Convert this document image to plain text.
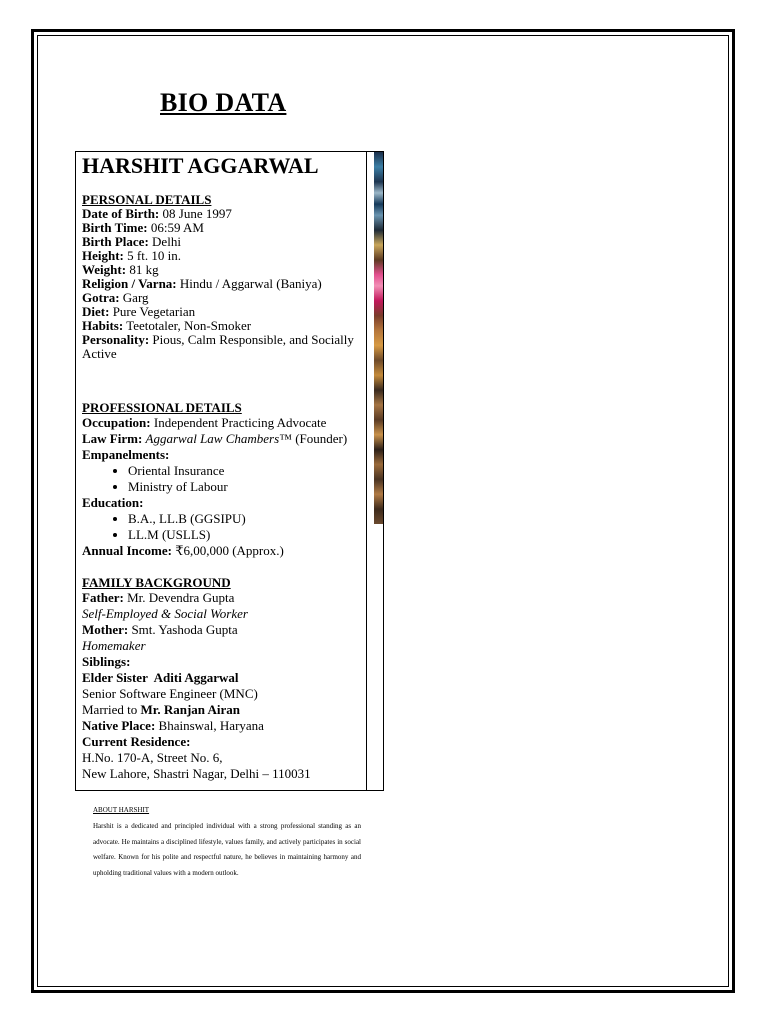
BIO DATA

HARSHIT AGGARWAL

PERSONAL DETAILS

Date of Birth: 08 June 1997

Birth Time: 06:59 AM

Birth Place: Delhi

Height: 5 ft. 10 in.

Weight: 81 kg

Religion / Varna: Hindu / Aggarwal (Baniya)

Gotra: Garg

Diet: Pure Vegetarian

Habits: Teetotaler, Non-Smoker

Personality: Pious, Calm Responsible, and Socially Active

PROFESSIONAL DETAILS

Occupation: Independent Practicing Advocate

Law Firm: Aggarwal Law Chambers™ (Founder)

Empanelments:

• Oriental Insurance
• Ministry of Labour

Education:

• B.A., LL.B (GGSIPU)
• LL.M (USLLS)

Annual Income: ₹6,00,000 (Approx.)

FAMILY BACKGROUND

Father: Mr. Devendra Gupta

Self-Employed & Social Worker

Mother: Smt. Yashoda Gupta

Homemaker

Siblings:

Elder Sister Aditi Aggarwal

Senior Software Engineer (MNC)

Married to Mr. Ranjan Airan

Native Place: Bhainswal, Haryana

Current Residence:

H.No. 170-A, Street No. 6,

New Lahore, Shastri Nagar, Delhi – 110031

ABOUT HARSHIT

Harshit is a dedicated and principled individual with a strong professional standing as an advocate. He maintains a disciplined lifestyle, values family, and actively participates in social welfare. Known for his polite and respectful nature, he believes in maintaining harmony and upholding traditional values with a modern outlook.
